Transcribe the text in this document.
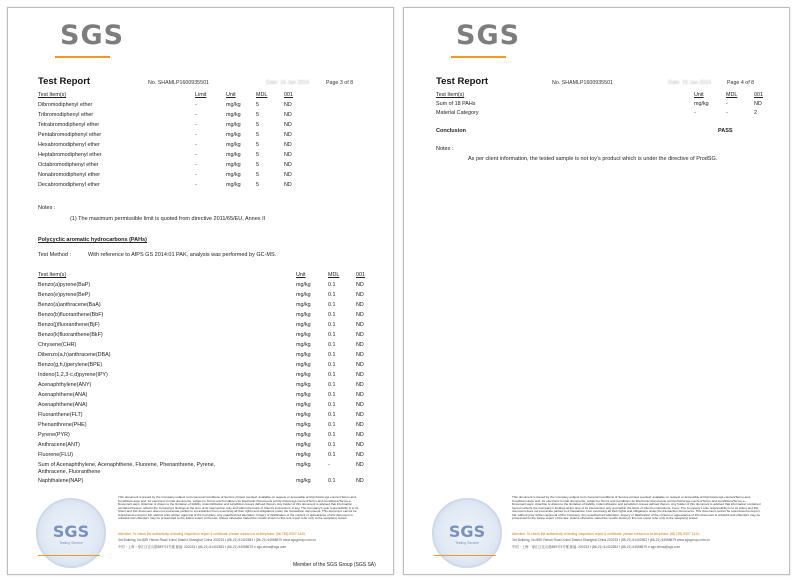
SGS
Test Report	No. SHAMLP1600935501	Date: 16 Jan 2016	Page 3 of 8
Test Item(s)	Limit	Unit	MDL	001
Dibromodiphenyl ether	-	mg/kg	5	ND
Tribromodiphenyl ether	-	mg/kg	5	ND
Tetrabromodiphenyl ether	-	mg/kg	5	ND
Pentabromodiphenyl ether	-	mg/kg	5	ND
Hexabromodiphenyl ether	-	mg/kg	5	ND
Heptabromodiphenyl ether	-	mg/kg	5	ND
Octabromodiphenyl ether	-	mg/kg	5	ND
Nonabromodiphenyl ether	-	mg/kg	5	ND
Decabromodiphenyl ether	-	mg/kg	5	ND
Notes :
(1) The maximum permissible limit is quoted from directive 2011/65/EU, Annex II
Polycyclic aromatic hydrocarbons (PAHs)
Test Method :	With reference to AfPS GS 2014:01 PAK, analysis was performed by GC-MS.
Test Item(s)	Unit	MDL	001
Benzo(a)pyrene(BaP)	mg/kg	0.1	ND
Benzo(e)pyrene(BeP)	mg/kg	0.1	ND
Benzo(a)anthracene(BaA)	mg/kg	0.1	ND
Benzo(b)fluoranthene(BbF)	mg/kg	0.1	ND
Benzo(j)fluoranthene(BjF)	mg/kg	0.1	ND
Benzo(k)fluoranthene(BkF)	mg/kg	0.1	ND
Chrysene(CHR)	mg/kg	0.1	ND
Dibenzo(a,h)anthracene(DBA)	mg/kg	0.1	ND
Benzo(g,h,i)perylene(BPE)	mg/kg	0.1	ND
Indeno(1,2,3-c,d)pyrene(IPY)	mg/kg	0.1	ND
Acenaphthylene(ANY)	mg/kg	0.1	ND
Acenaphthene(ANA)	mg/kg	0.1	ND
Acenaphthene(ANA)	mg/kg	0.1	ND
Fluoranthene(FLT)	mg/kg	0.1	ND
Phenanthrene(PHE)	mg/kg	0.1	ND
Pyrene(PYR)	mg/kg	0.1	ND
Anthracene(ANT)	mg/kg	0.1	ND
Fluorene(FLU)	mg/kg	0.1	ND
Sum of Acenaphthylene, Acenaphthene, Fluorene, Phenanthrene, Pyrene,
Anthracene, Fluoranthene
mg/kg	-	ND
Naphthalene(NAP)	mg/kg	0.1	ND
This document is issued by the Company subject to its General Conditions of Service printed overleaf, available on request or accessible at http://www.sgs.com/en/Terms-and-Conditions.aspx and, for electronic format documents, subject to Terms and Conditions for Electronic Documents at http://www.sgs.com/en/Terms-and-Conditions/Terms-e-Document.aspx. Attention is drawn to the limitation of liability, indemnification and jurisdiction issues defined therein. Any holder of this document is advised that information contained hereon reflects the Company's findings at the time of its intervention only and within the limits of Client's instructions, if any. The Company's sole responsibility is to its Client and this document does not exonerate parties to a transaction from exercising all their rights and obligations under the transaction documents. This document cannot be reproduced except in full, without prior written approval of the Company. Any unauthorized alteration, forgery or falsification of the content or appearance of this document is unlawful and offenders may be prosecuted to the fullest extent of the law. Unless otherwise stated the results shown in this test report refer only to the sample(s) tested.
Attention: To check the authenticity of testing /inspection report & certificate, please contact us at telephone: (86-755) 8307 1443,
3rd Building, No.889 Yishan Road Xuhui District,Shanghai China 200233 t (86-21) 61402553 f (86-21) 64958679 www.sgsgroup.com.cn
中国・上海・徐汇区宜山路889号3号楼 邮编: 200233 t (86-21) 61402553 f (86-21) 64958679 e sgs.china@sgs.com
SGS
Testing Service
Member of the SGS Group (SGS SA)
SGS
Test Report	No. SHAMLP1600935501	Date: 16 Jan 2016	Page 4 of 8
Test Item(s)	Unit	MDL	001
Sum of 18 PAHs	mg/kg	-	ND
Material Category	-	-	2
Conclusion	PASS
Notes :
As per client information, the tested sample is not toy's product which is under the directive of ProdSG.
This document is issued by the Company subject to its General Conditions of Service printed overleaf, available on request or accessible at http://www.sgs.com/en/Terms-and-Conditions.aspx and, for electronic format documents, subject to Terms and Conditions for Electronic Documents at http://www.sgs.com/en/Terms-and-Conditions/Terms-e-Document.aspx. Attention is drawn to the limitation of liability, indemnification and jurisdiction issues defined therein. Any holder of this document is advised that information contained hereon reflects the Company's findings at the time of its intervention only and within the limits of Client's instructions, if any. The Company's sole responsibility is to its Client and this document does not exonerate parties to a transaction from exercising all their rights and obligations under the transaction documents. This document cannot be reproduced except in full, without prior written approval of the Company. Any unauthorized alteration, forgery or falsification of the content or appearance of this document is unlawful and offenders may be prosecuted to the fullest extent of the law. Unless otherwise stated the results shown in this test report refer only to the sample(s) tested.
Attention: To check the authenticity of testing /inspection report & certificate, please contact us at telephone: (86-755) 8307 1443,
3rd Building, No.889 Yishan Road Xuhui District,Shanghai China 200233 t (86-21) 61402553 f (86-21) 64958679 www.sgsgroup.com.cn
中国・上海・徐汇区宜山路889号3号楼 邮编: 200233 t (86-21) 61402553 f (86-21) 64958679 e sgs.china@sgs.com
SGS
Testing Service
